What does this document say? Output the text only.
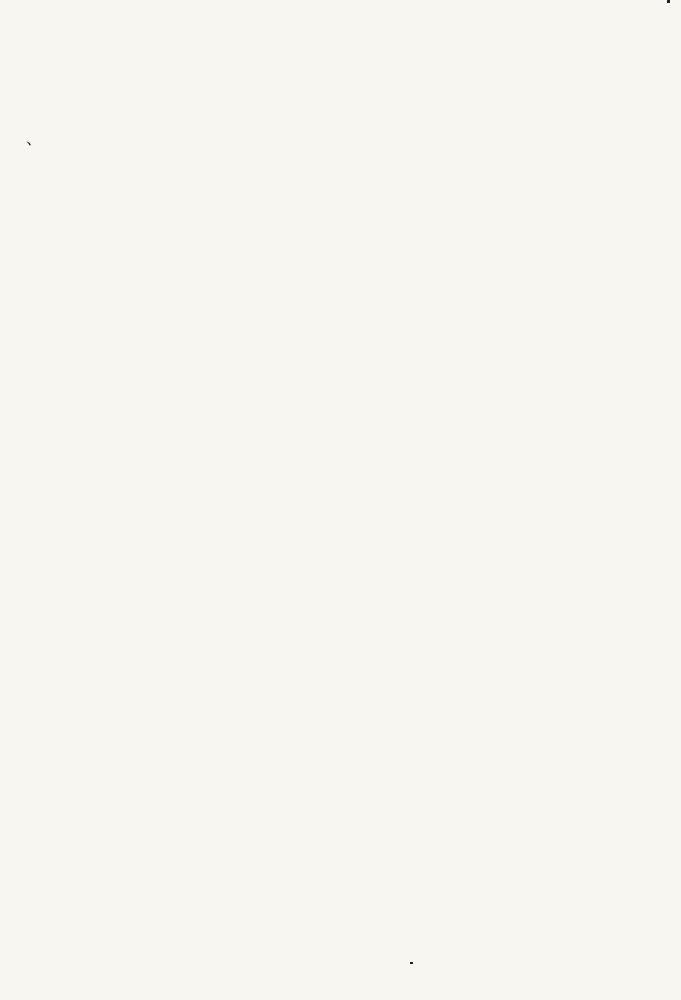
、
